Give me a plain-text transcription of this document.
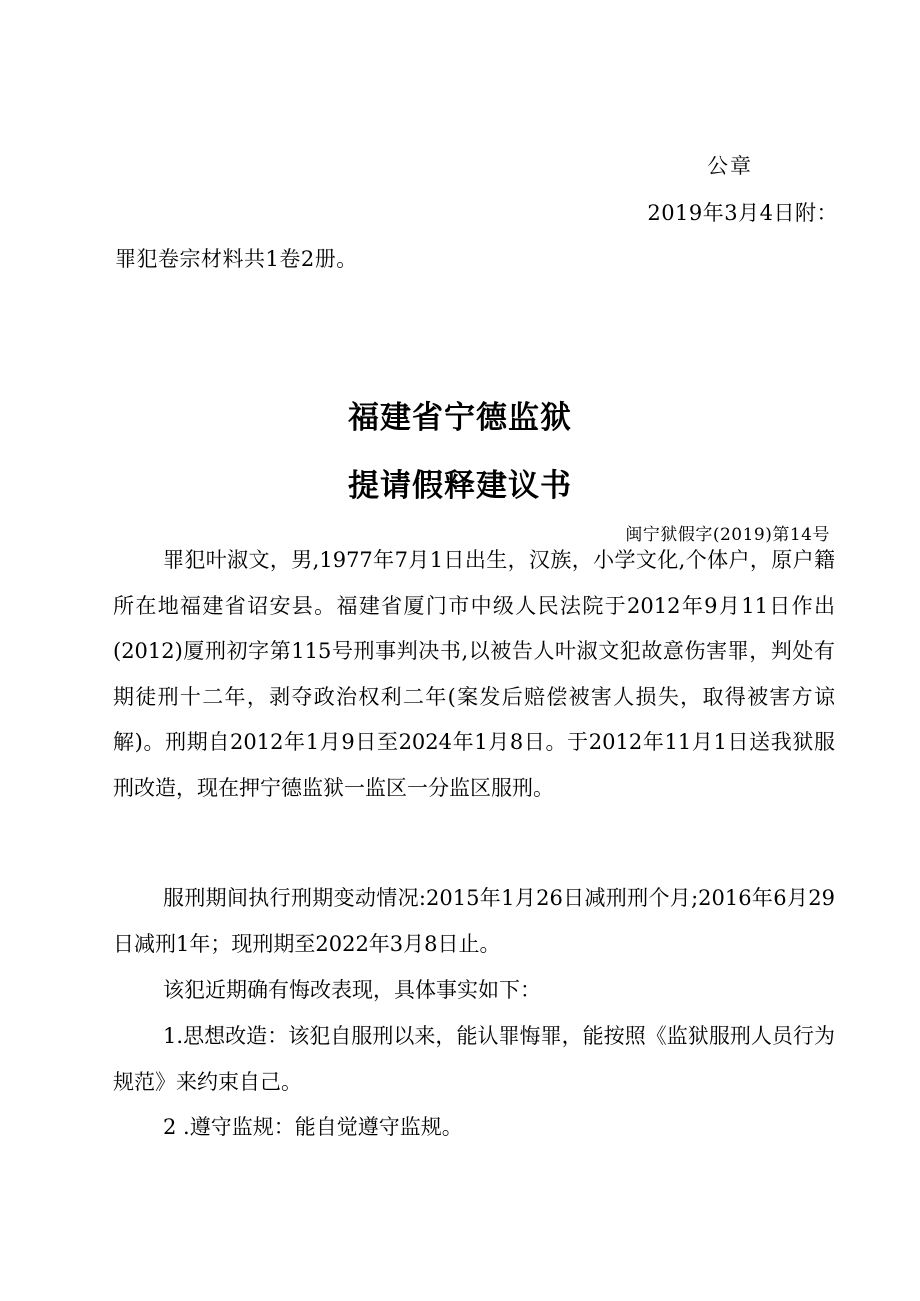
公章
2019年3月4日附：
罪犯卷宗材料共1卷2册。
福建省宁德监狱
提请假释建议书
闽宁狱假字(2019)第14号

罪犯叶淑文，男,1977年7月1日出生，汉族，小学文化,个体户，原户籍所在地福建省诏安县。福建省厦门市中级人民法院于2012年9月11日作出(2012)厦刑初字第115号刑事判决书,以被告人叶淑文犯故意伤害罪，判处有期徒刑十二年，剥夺政治权利二年(案发后赔偿被害人损失，取得被害方谅解)。刑期自2012年1月9日至2024年1月8日。于2012年11月1日送我狱服刑改造，现在押宁德监狱一监区一分监区服刑。

服刑期间执行刑期变动情况:2015年1月26日减刑刑个月;2016年6月29日减刑1年；现刑期至2022年3月8日止。

该犯近期确有悔改表现，具体事实如下：

1.思想改造：该犯自服刑以来，能认罪悔罪，能按照《监狱服刑人员行为规范》来约束自己。

2 .遵守监规：能自觉遵守监规。
